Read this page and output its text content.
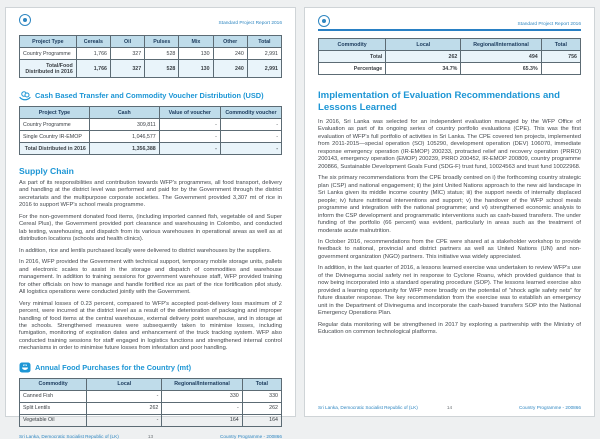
Standard Project Report 2016
Project Type	Cereals	Oil	Pulses	Mix	Other	Total
Country Programme	1,766	327	528	130	240	2,991
Total/Food Distributed in 2016	1,766	327	528	130	240	2,991
Cash Based Transfer and Commodity Voucher Distribution (USD)
Project Type	Cash	Value of voucher	Commodity voucher
Country Programme	309,811	-	-
Single Country IR-EMOP	1,046,577	-	-
Total Distributed in 2016	1,356,388	-	-
Supply Chain

As part of its responsibilities and contribution towards WFP's programmes, all food transport, delivery and handling at the district level was performed and paid for by the Government through the district secretariats and the multipurpose corporate societies. The Government provided 3,307 mt of rice in 2016 to support WFP's school meals programme.

For the non-government donated food items, (including imported canned fish, vegetable oil and Super Cereal Plus), the Government provided port clearance and warehousing in Colombo, and conducted lab testing, warehousing, and dispatch from its various warehouses in operational areas as well as at distribution locations (schools and health clinics).

In addition, rice and lentils purchased locally were delivered to district warehouses by the suppliers.

In 2016, WFP provided the Government with technical support, temporary mobile storage units, pallets and electronic scales to assist in the storage and dispatch of commodities and warehouse management. In addition to training sessions for government warehouse staff, WFP provided training for other officials on how to manage and handle fortified rice as part of the rice fortification pilot study. All logistics operations were conducted jointly with the Government.

Very minimal losses of 0.23 percent, compared to WFP's accepted post-delivery loss maximum of 2 percent, were incurred at the district level as a result of the deterioration of packaging and improper handling of food items at the central warehouse, external delivery point warehouse, and in storage at the schools. Strengthened measures were subsequently taken to minimise losses, including fumigation, monitoring of expiration dates and enhancement of the truck tracking system. WFP also conducted training sessions for staff engaged in logistics functions and strengthened internal control mechanisms in order to minimise future losses from infestation and poor handling.

Annual Food Purchases for the Country (mt)
Commodity	Local	Regional/International	Total
Canned Fish	-	330	330
Split Lentils	262	-	262
Vegetable Oil	-	164	164
Sri Lanka, Democratic Socialist Republic of (LK)	13	Country Programme - 200866
Standard Project Report 2016
Commodity	Local	Regional/International	Total
Total	262	494	756
Percentage	34.7%	65.3%	
Implementation of Evaluation Recommendations and Lessons Learned

In 2016, Sri Lanka was selected for an independent evaluation managed by the WFP Office of Evaluation as part of its ongoing series of country portfolio evaluations (CPE). This was the first evaluation of WFP's full portfolio of activities in Sri Lanka. The CPE covered ten projects, implemented from 2011-2015—special operation (SO) 105290, development operation (DEV) 106070, immediate response emergency operation (IR-EMOP) 200233, protracted relief and recovery operation (PRRO) 200143, emergency operation (EMOP) 200239, PRRO 200452, IR-EMOP 200809, country programme 200866, Sustainable Development Goals Fund (SDG-F) trust fund, 10024563 and trust fund 10022968.

The six primary recommendations from the CPE broadly centred on i) the forthcoming country strategic plan (CSP) and national engagement; ii) the joint United Nations approach to the new aid landscape in Sri Lanka given its middle income country (MIC) status; iii) the support needs of internally displaced people; iv) future nutritional interventions and support; v) the handover of the WFP school meals programme and integration with the national programme; and vi) strengthened economic analysis to inform the CSP development and programmatic interventions such as cash-based transfers. The under funding of the portfolio (66 percent) was evident, particularly in areas such as the treatment of moderate acute malnutrition.

In October 2016, recommendations from the CPE were shared at a stakeholder workshop to provide feedback to national, provincial and district partners as well as United Nations (UN) and non-government organization (NGO) partners. This initiative was widely appreciated.

In addition, in the last quarter of 2016, a lessons learned exercise was undertaken to review WFP's use of the Divineguma social safety net in response to Cyclone Roanu, which provided guidance that is now being incorporated into a standard operating procedure (SOP). The lessons learned exercise also provided a learning opportunity for WFP more broadly on the potential of "shock agile safety nets" for future disaster response. The key recommendation from the exercise was to establish an emergency unit in the Department of Divineguma and incorporate the cash-based transfers SOP into the National Emergency Operations Plan.

Regular data monitoring will be strengthened in 2017 by exploring a partnership with the Ministry of Education on common technological platforms.

Sri Lanka, Democratic Socialist Republic of (LK)	14	Country Programme - 200866
